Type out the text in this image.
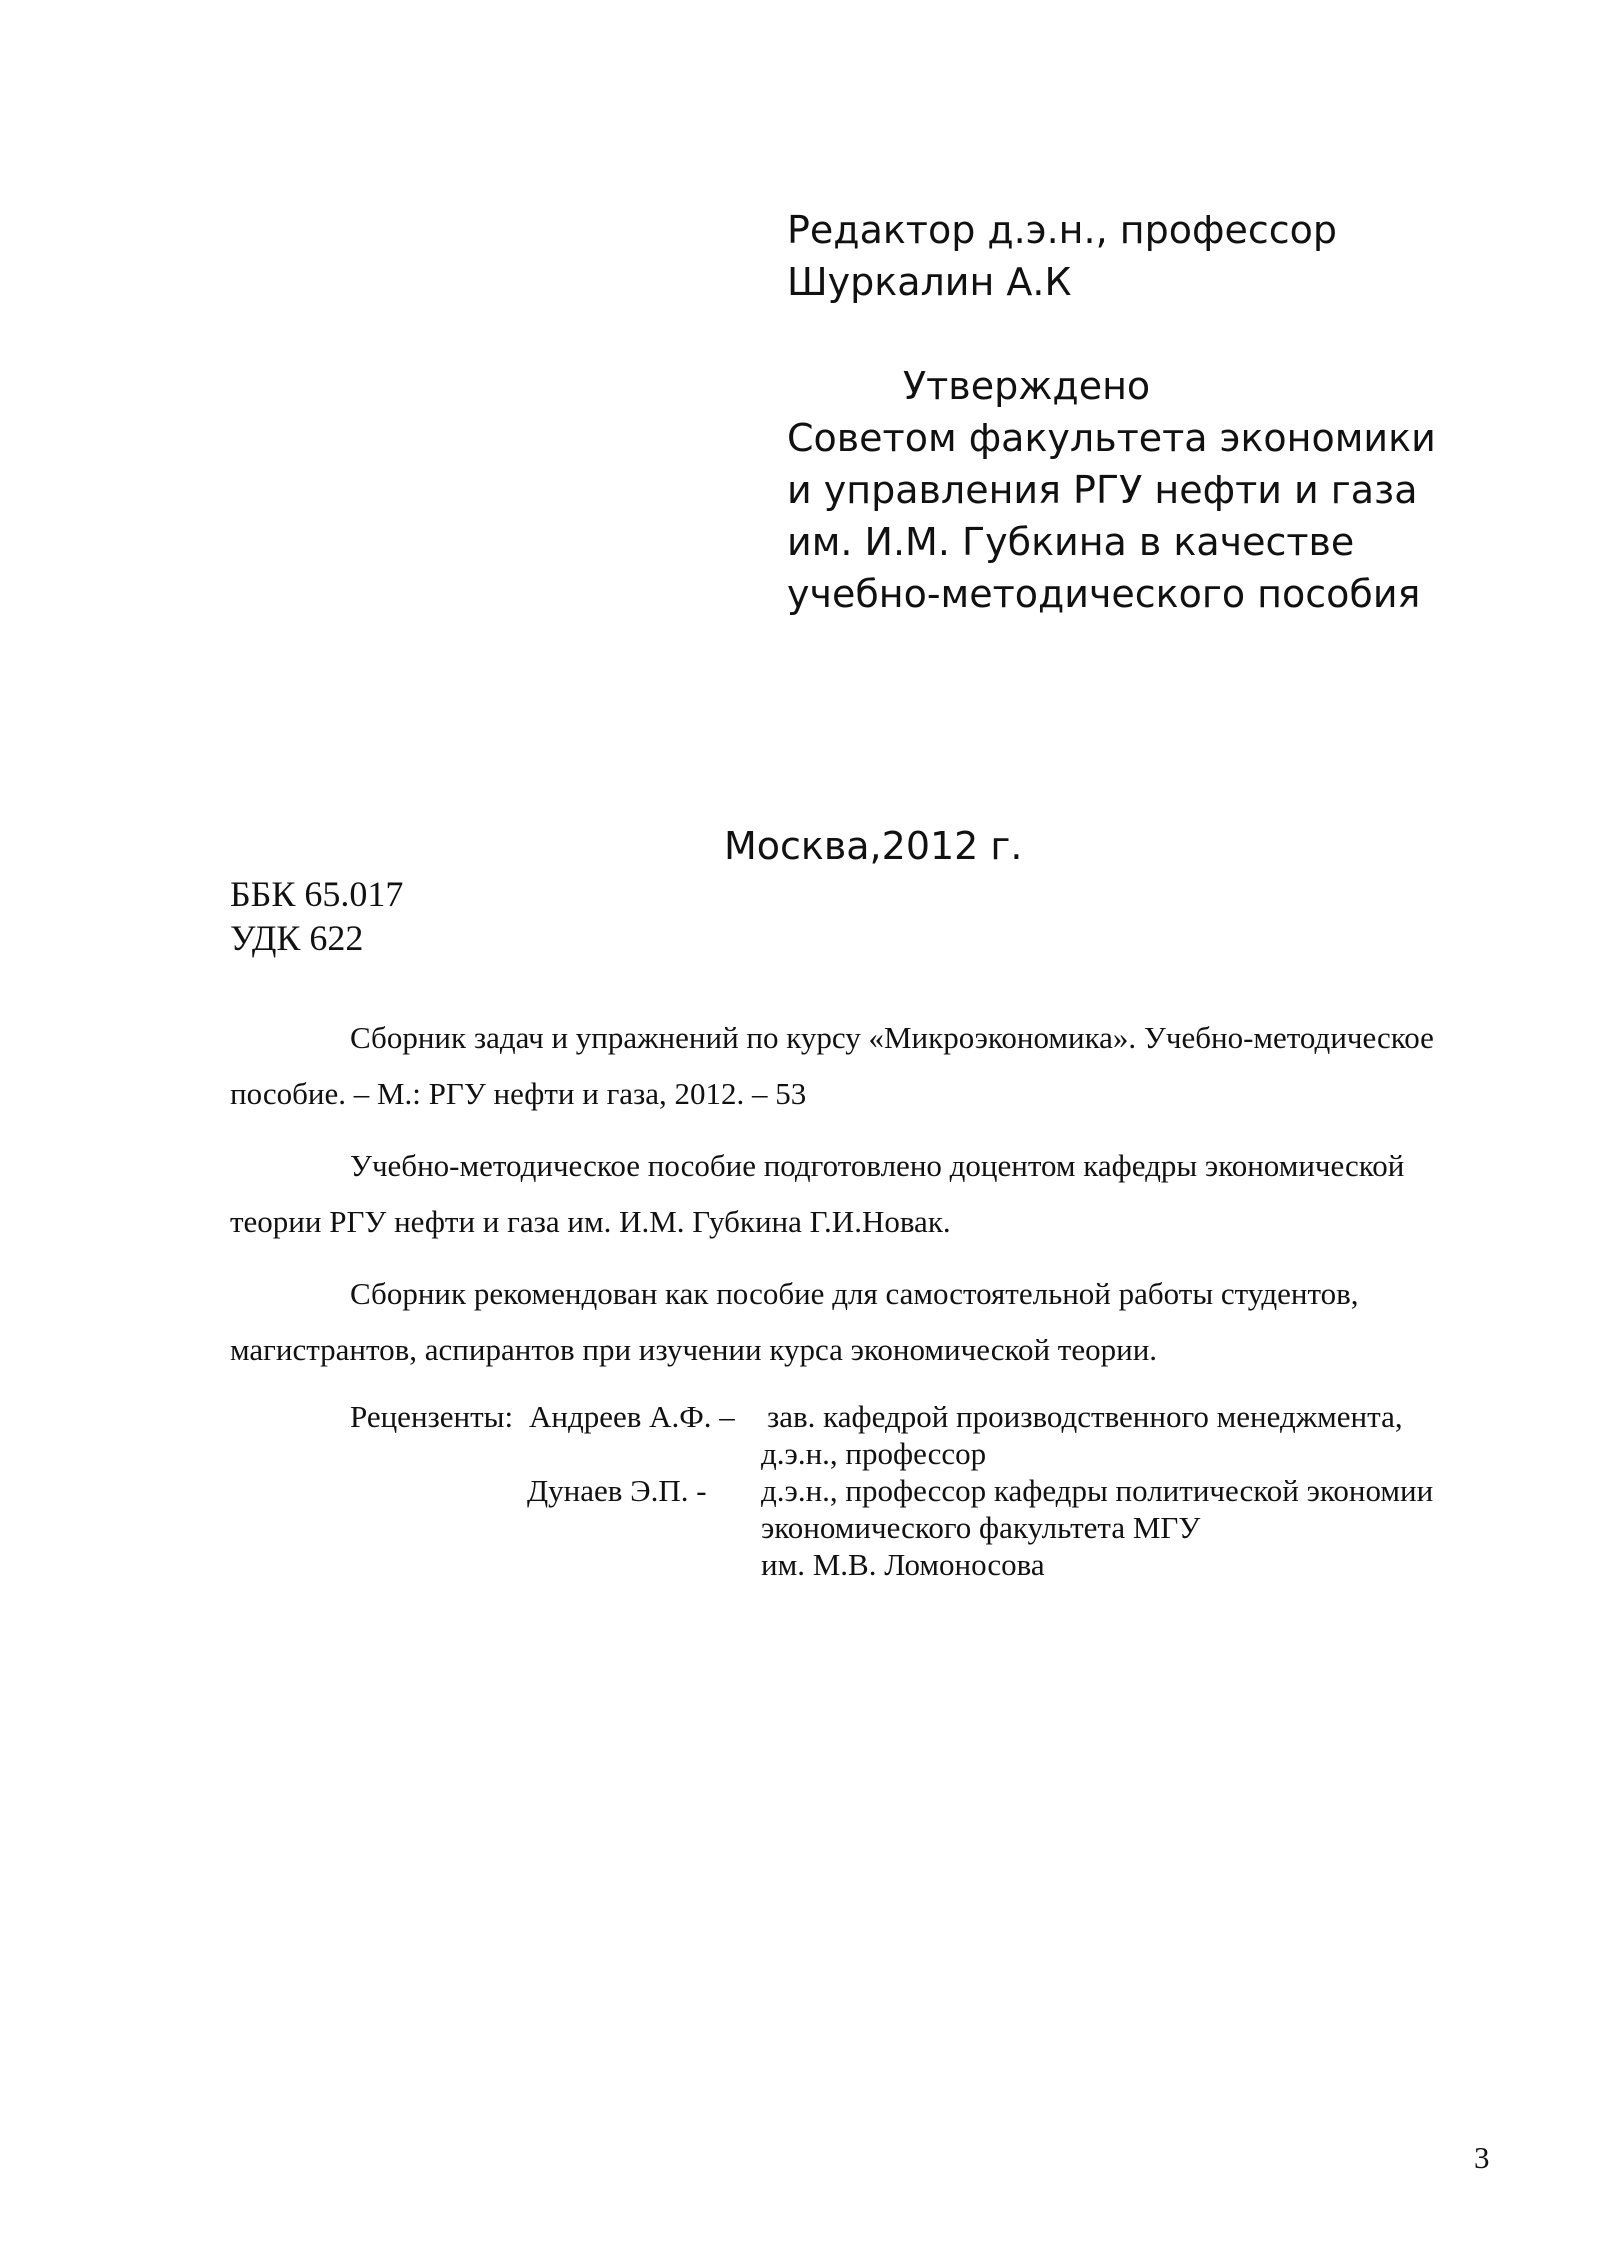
Редактор д.э.н., профессор
Шуркалин А.К
Утверждено
Советом факультета экономики
и управления РГУ нефти и газа
им. И.М. Губкина в качестве
учебно-методического пособия
Москва,2012 г.
ББК 65.017
УДК 622
Сборник задач и упражнений по курсу «Микроэкономика». Учебно-методическое
пособие. – М.: РГУ нефти и газа, 2012. – 53
Учебно-методическое пособие подготовлено доцентом кафедры экономической
теории РГУ нефти и газа им. И.М. Губкина Г.И.Новак.
Сборник рекомендован как пособие для самостоятельной работы студентов,
магистрантов, аспирантов при изучении курса экономической теории.
Рецензенты: Андреев А.Ф. – зав. кафедрой производственного менеджмента,
д.э.н., профессор
Дунаев Э.П. - д.э.н., профессор кафедры политической экономии
экономического факультета МГУ
им. М.В. Ломоносова
3
